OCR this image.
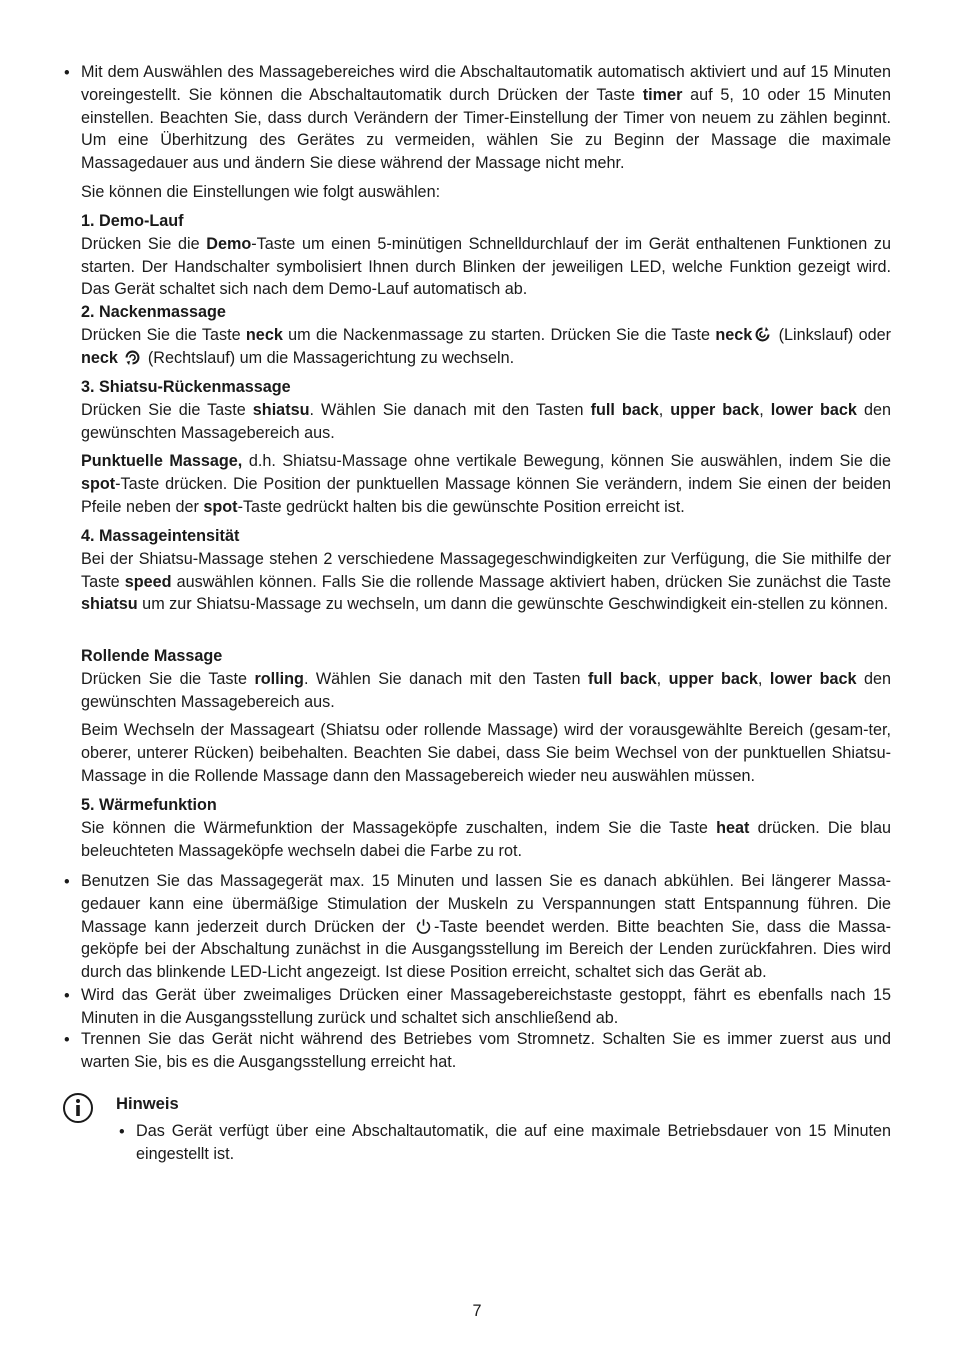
• Mit dem Auswählen des Massagebereiches wird die Abschaltautomatik automatisch aktiviert und auf 15 Minuten voreingestellt. Sie können die Abschaltautomatik durch Drücken der Taste timer auf 5, 10 oder 15 Minuten einstellen. Beachten Sie, dass durch Verändern der Timer-Einstellung der Timer von neuem zu zählen beginnt. Um eine Überhitzung des Gerätes zu vermeiden, wählen Sie zu Beginn der Massage die maximale Massagedauer aus und ändern Sie diese während der Massage nicht mehr.

Sie können die Einstellungen wie folgt auswählen:

1. Demo-Lauf

Drücken Sie die Demo-Taste um einen 5-minütigen Schnelldurchlauf der im Gerät enthaltenen Funktionen zu starten. Der Handschalter symbolisiert Ihnen durch Blinken der jeweiligen LED, welche Funktion gezeigt wird. Das Gerät schaltet sich nach dem Demo-Lauf automatisch ab.

2. Nackenmassage

Drücken Sie die Taste neck um die Nackenmassage zu starten. Drücken Sie die Taste neck (Linkslauf) oder neck  (Rechtslauf) um die Massagerichtung zu wechseln.

3. Shiatsu-Rückenmassage

Drücken Sie die Taste shiatsu. Wählen Sie danach mit den Tasten full back, upper back, lower back den gewünschten Massagebereich aus.

Punktuelle Massage, d.h. Shiatsu-Massage ohne vertikale Bewegung, können Sie auswählen, indem Sie die spot-Taste drücken. Die Position der punktuellen Massage können Sie verändern, indem Sie einen der beiden Pfeile neben der spot-Taste gedrückt halten bis die gewünschte Position erreicht ist.

4. Massageintensität

Bei der Shiatsu-Massage stehen 2 verschiedene Massagegeschwindigkeiten zur Verfügung, die Sie mithilfe der Taste speed auswählen können. Falls Sie die rollende Massage aktiviert haben, drücken Sie zunächst die Taste shiatsu um zur Shiatsu-Massage zu wechseln, um dann die gewünschte Geschwindigkeit ein-stellen zu können.

Rollende Massage

Drücken Sie die Taste rolling. Wählen Sie danach mit den Tasten full back, upper back, lower back den gewünschten Massagebereich aus.

Beim Wechseln der Massageart (Shiatsu oder rollende Massage) wird der vorausgewählte Bereich (gesam-ter, oberer, unterer Rücken) beibehalten. Beachten Sie dabei, dass Sie beim Wechsel von der punktuellen Shiatsu-Massage in die Rollende Massage dann den Massagebereich wieder neu auswählen müssen.

5. Wärmefunktion

Sie können die Wärmefunktion der Massageköpfe zuschalten, indem Sie die Taste heat drücken. Die blau beleuchteten Massageköpfe wechseln dabei die Farbe zu rot.

• Benutzen Sie das Massagegerät max. 15 Minuten und lassen Sie es danach abkühlen. Bei längerer Massa-gedauer kann eine übermäßige Stimulation der Muskeln zu Verspannungen statt Entspannung führen. Die Massage kann jederzeit durch Drücken der -Taste beendet werden. Bitte beachten Sie, dass die Massa-geköpfe bei der Abschaltung zunächst in die Ausgangsstellung im Bereich der Lenden zurückfahren. Dies wird durch das blinkende LED-Licht angezeigt. Ist diese Position erreicht, schaltet sich das Gerät ab.

• Wird das Gerät über zweimaliges Drücken einer Massagebereichstaste gestoppt, fährt es ebenfalls nach 15 Minuten in die Ausgangsstellung zurück und schaltet sich anschließend ab.

• Trennen Sie das Gerät nicht während des Betriebes vom Stromnetz. Schalten Sie es immer zuerst aus und warten Sie, bis es die Ausgangsstellung erreicht hat.

Hinweis
• Das Gerät verfügt über eine Abschaltautomatik, die auf eine maximale Betriebsdauer von 15 Minuten eingestellt ist.
7
